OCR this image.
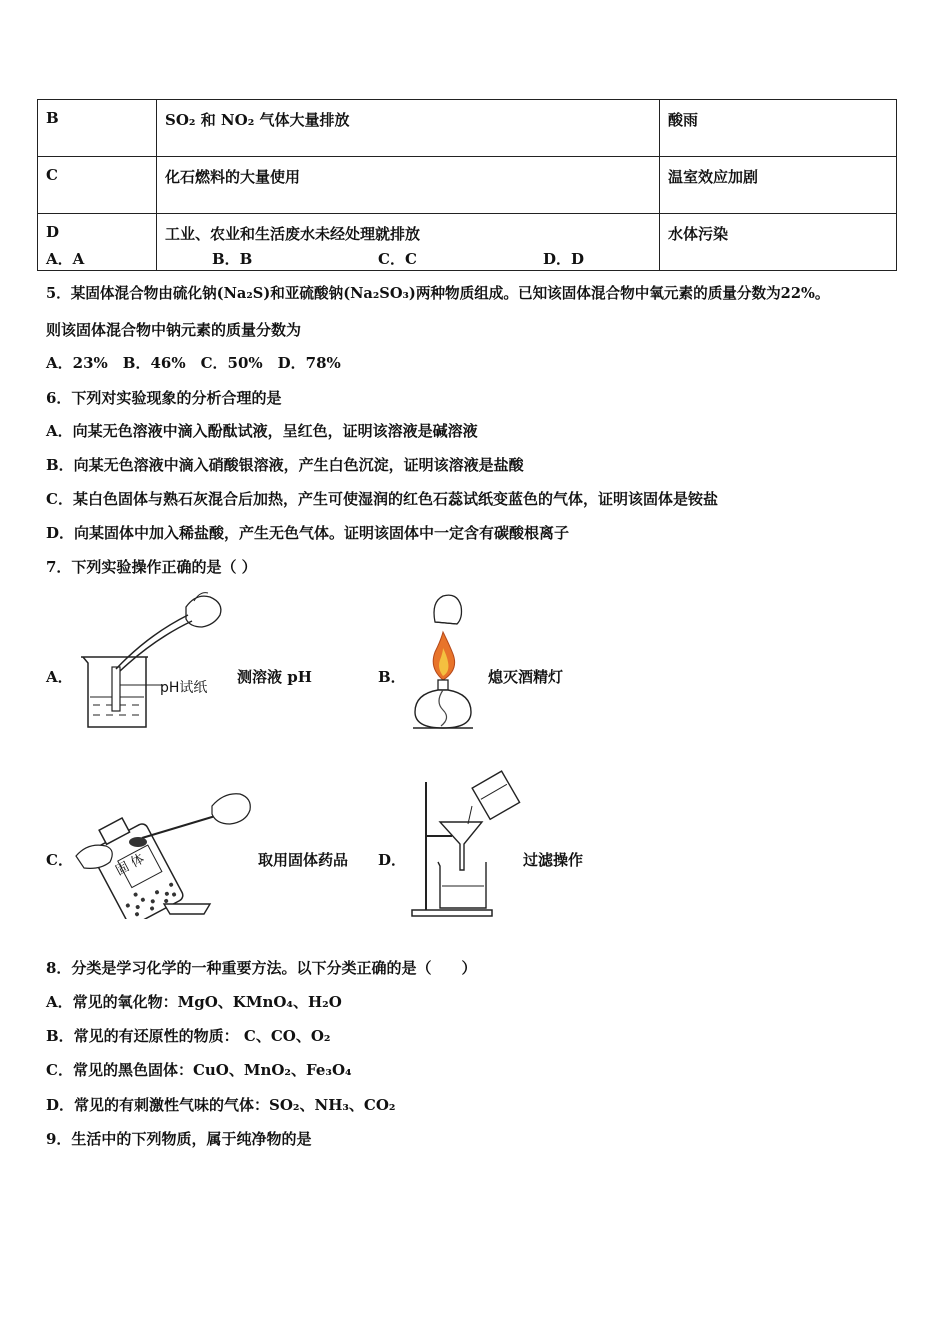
B	SO₂ 和 NO₂ 气体大量排放	酸雨
C	化石燃料的大量使用	温室效应加剧
D	工业、农业和生活废水未经处理就排放	水体污染
A．A	B．B	C．C	D．D
5．某固体混合物由硫化钠(Na₂S)和亚硫酸钠(Na₂SO₃)两种物质组成。已知该固体混合物中氧元素的质量分数为22%。
则该固体混合物中钠元素的质量分数为
A．23%　B．46%　C．50%　D．78%
6．下列对实验现象的分析合理的是
A．向某无色溶液中滴入酚酞试液，呈红色，证明该溶液是碱溶液
B．向某无色溶液中滴入硝酸银溶液，产生白色沉淀，证明该溶液是盐酸
C．某白色固体与熟石灰混合后加热，产生可使湿润的红色石蕊试纸变蓝色的气体，证明该固体是铵盐
D．向某固体中加入稀盐酸，产生无色气体。证明该固体中一定含有碳酸根离子
7．下列实验操作正确的是（ ）
A．
pH试纸
测溶液 pH	B．	熄灭酒精灯
C．	固体	取用固体药品 D．	过滤操作
8．分类是学习化学的一种重要方法。以下分类正确的是（　　）
A．常见的氧化物：MgO、KMnO₄、H₂O
B．常见的有还原性的物质： C、CO、O₂
C．常见的黑色固体：CuO、MnO₂、Fe₃O₄
D．常见的有刺激性气味的气体：SO₂、NH₃、CO₂
9．生活中的下列物质，属于纯净物的是
